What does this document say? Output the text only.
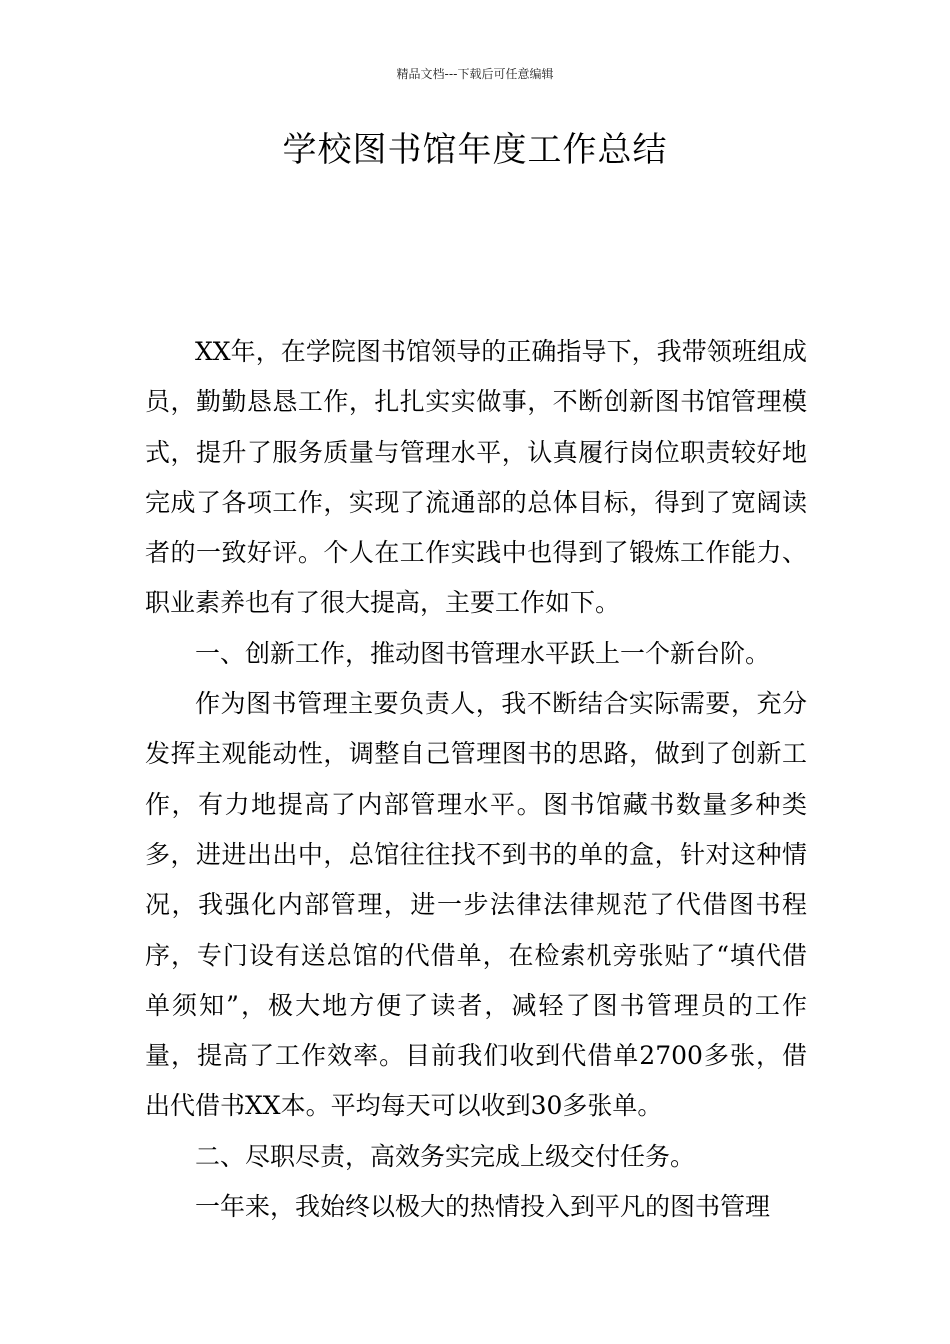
精品文档---下载后可任意编辑
学校图书馆年度工作总结

XX年，在学院图书馆领导的正确指导下，我带领班组成员，勤勤恳恳工作，扎扎实实做事，不断创新图书馆管理模式，提升了服务质量与管理水平，认真履行岗位职责较好地完成了各项工作，实现了流通部的总体目标，得到了宽阔读者的一致好评。个人在工作实践中也得到了锻炼工作能力、职业素养也有了很大提高，主要工作如下。

一、创新工作，推动图书管理水平跃上一个新台阶。

作为图书管理主要负责人，我不断结合实际需要，充分发挥主观能动性，调整自己管理图书的思路，做到了创新工作，有力地提高了内部管理水平。图书馆藏书数量多种类多，进进出出中，总馆往往找不到书的单的盒，针对这种情况，我强化内部管理，进一步法律法律规范了代借图书程序，专门设有送总馆的代借单，在检索机旁张贴了“填代借单须知”，极大地方便了读者，减轻了图书管理员的工作量，提高了工作效率。目前我们收到代借单2700多张，借出代借书XX本。平均每天可以收到30多张单。

二、尽职尽责，高效务实完成上级交付任务。

一年来，我始终以极大的热情投入到平凡的图书管理
